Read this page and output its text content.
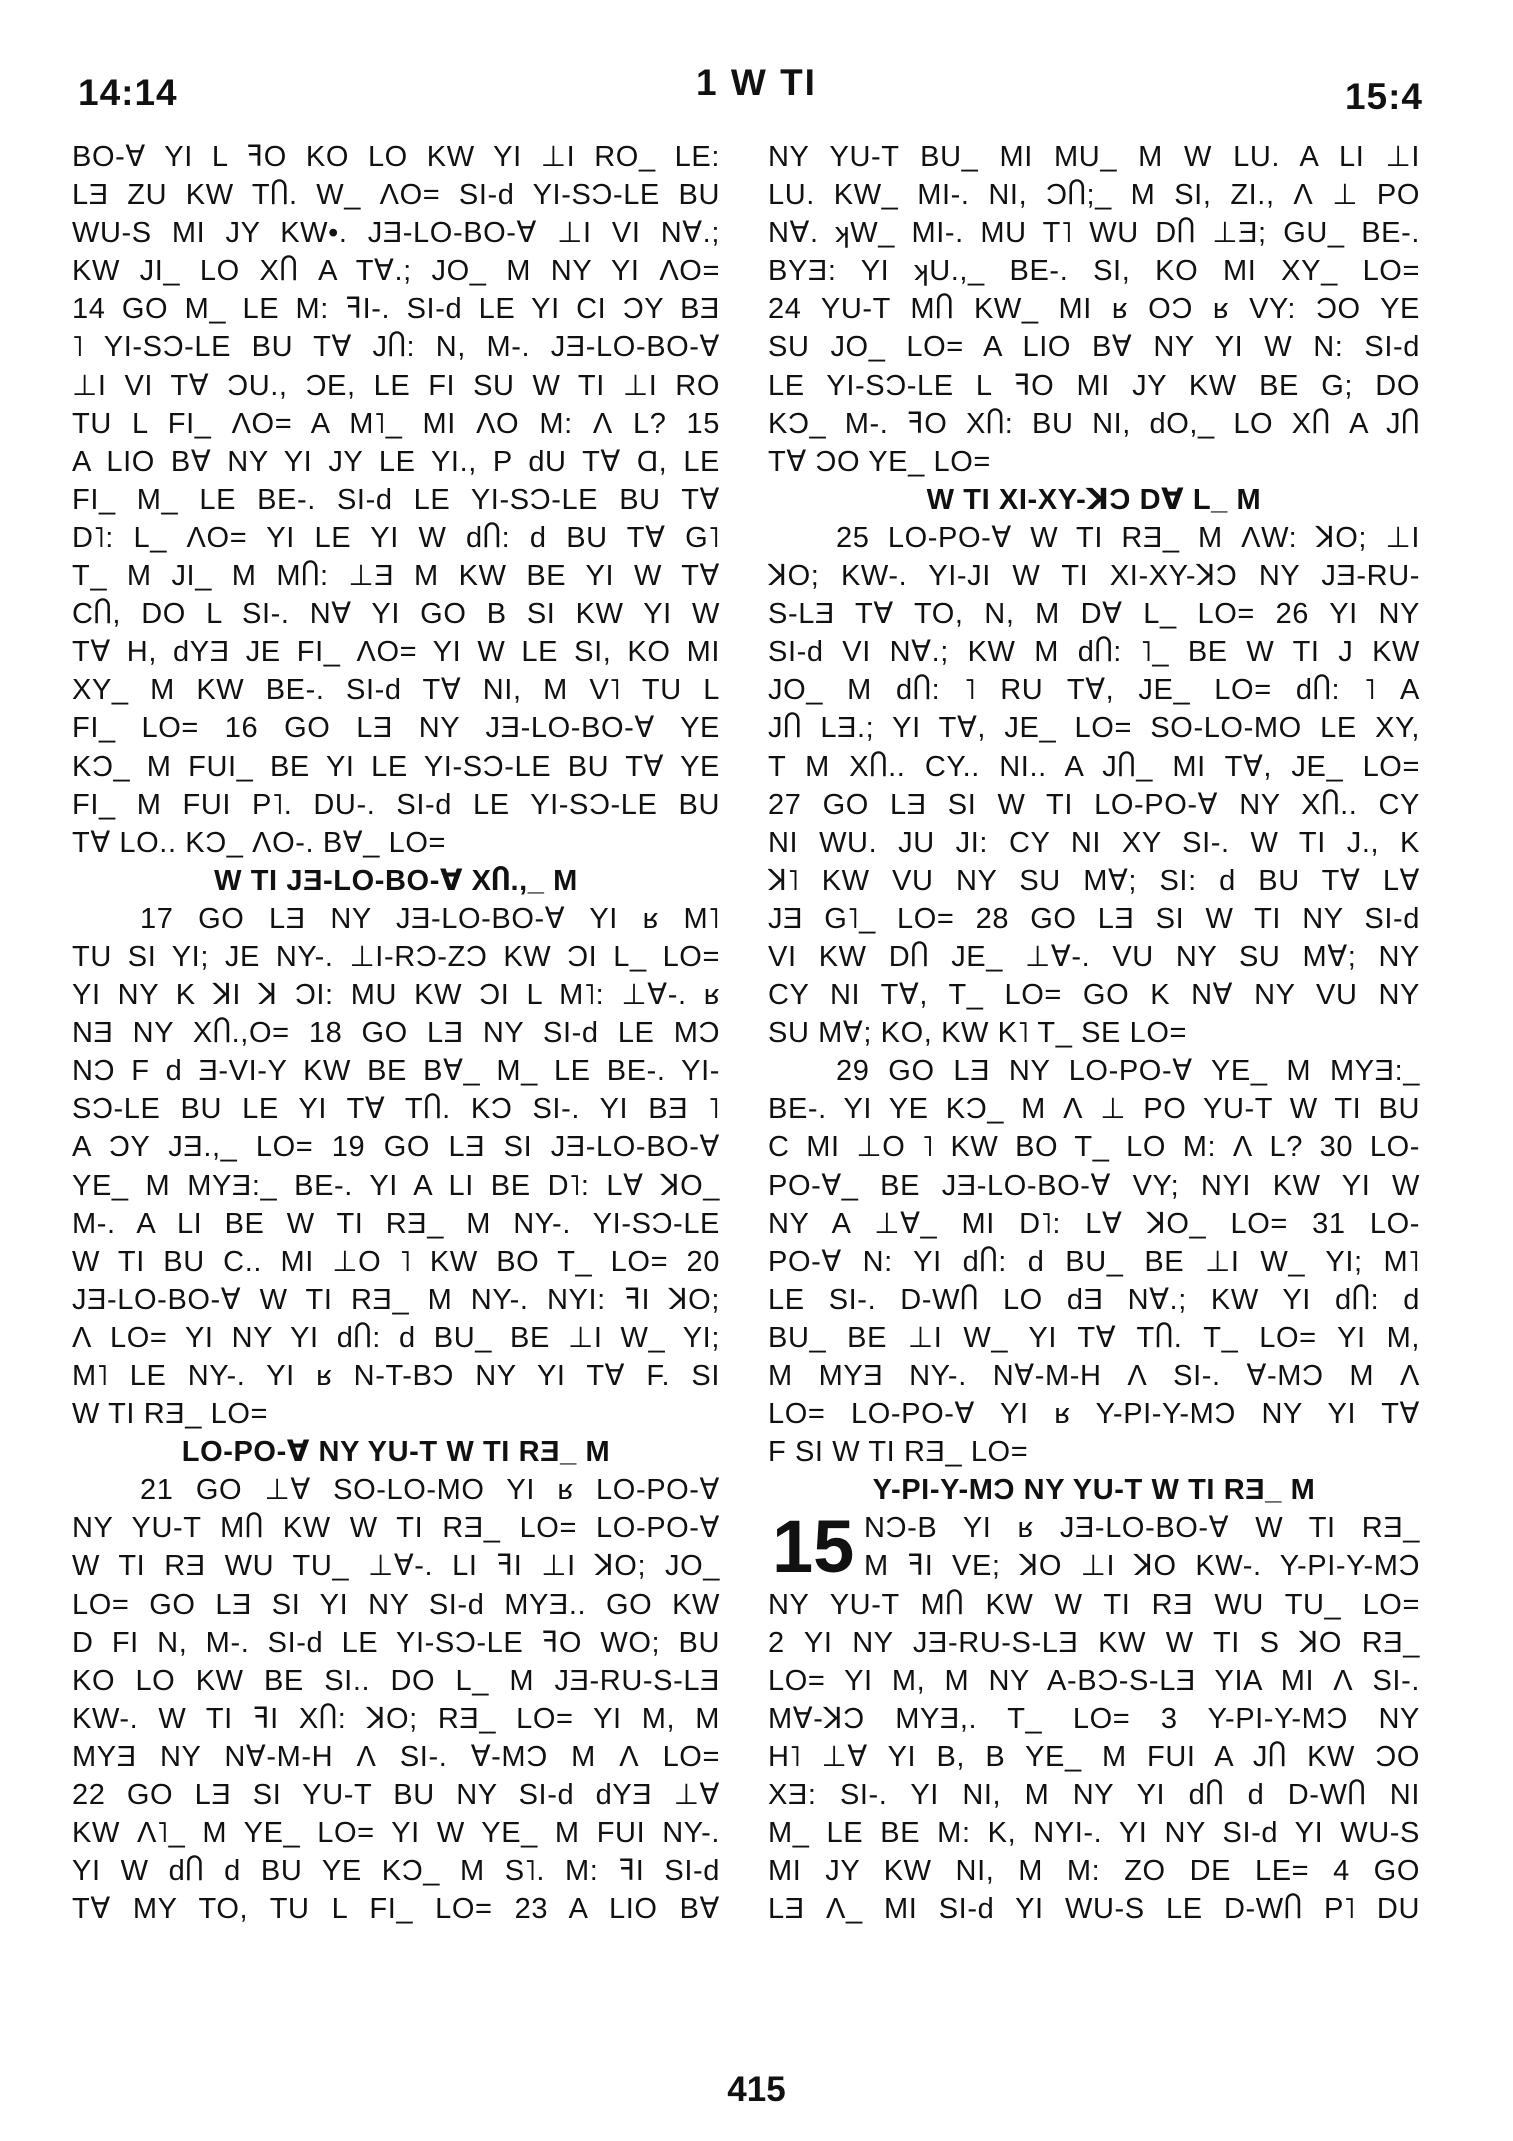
14:14	1 W TI	15:4
BO-Ɐ YI L ꟻO KO LO KW YI ⊥I RO_ LE:
LƎ ZU KW TႶ. W_ ɅO= SI-d YI-SƆ-LE BU
WU-S MI JY KW•. JƎ-LO-BO-Ɐ ⊥I VI NⱯ.;
KW JI_ LO XႶ A TⱯ.; JO_ M NY YI ɅO=
14 GO M_ LE M: ꟻI-. SI-d LE YI CI ƆY BƎ
˥ YI-SƆ-LE BU TⱯ JႶ: N, M-. JƎ-LO-BO-Ɐ
⊥I VI TⱯ ƆU., ƆE, LE FI SU W TI ⊥I RO
TU L FI_ ɅO= A M˥_ MI ɅO M: Ʌ L? 15
A LIO BⱯ NY YI JY LE YI., P dU TⱯ Ɑ, LE
FI_ M_ LE BE-. SI-d LE YI-SƆ-LE BU TⱯ
D˥: L_ ɅO= YI LE YI W dႶ: d BU TⱯ G˥
T_ M JI_ M MႶ: ⊥Ǝ M KW BE YI W TⱯ
CႶ, DO L SI-. NⱯ YI GO B SI KW YI W
TⱯ H, dYƎ JE FI_ ɅO= YI W LE SI, KO MI
XY_ M KW BE-. SI-d TⱯ NI, M V˥ TU L
FI_ LO= 16 GO LƎ NY JƎ-LO-BO-Ɐ YE
KƆ_ M FUI_ BE YI LE YI-SƆ-LE BU TⱯ YE
FI_ M FUI P˥. DU-. SI-d LE YI-SƆ-LE BU
TⱯ LO.. KƆ_ ɅO-. BⱯ_ LO=
W TI JƎ-LO-BO-Ɐ XႶ.,_ M
17 GO LƎ NY JƎ-LO-BO-Ɐ YI ʁ M˥
TU SI YI; JE NY-. ⊥I-RƆ-ZƆ KW ƆI L_ LO=
YI NY K ꓘI ꓘ ƆI: MU KW ƆI L M˥: ⊥Ɐ-. ʁ
NƎ NY XႶ.,O= 18 GO LƎ NY SI-d LE MƆ
NƆ F d Ǝ-VI-Y KW BE BⱯ_ M_ LE BE-. YI-
SƆ-LE BU LE YI TⱯ TႶ. KƆ SI-. YI BƎ ˥
A ƆY JƎ.,_ LO= 19 GO LƎ SI JƎ-LO-BO-Ɐ
YE_ M MYƎ:_ BE-. YI A LI BE D˥: LⱯ ꓘO_
M-. A LI BE W TI RƎ_ M NY-. YI-SƆ-LE
W TI BU C.. MI ⊥O ˥ KW BO T_ LO= 20
JƎ-LO-BO-Ɐ W TI RƎ_ M NY-. NYI: ꟻI ꓘO;
Ʌ LO= YI NY YI dႶ: d BU_ BE ⊥I W_ YI;
M˥ LE NY-. YI ʁ N-T-BƆ NY YI TⱯ F. SI
W TI RƎ_ LO=
LO-PO-Ɐ NY YU-T W TI RƎ_ M
21 GO ⊥Ɐ SO-LO-MO YI ʁ LO-PO-Ɐ
NY YU-T MႶ KW W TI RƎ_ LO= LO-PO-Ɐ
W TI RƎ WU TU_ ⊥Ɐ-. LI ꟻI ⊥I ꓘO; JO_
LO= GO LƎ SI YI NY SI-d MYƎ.. GO KW
D FI N, M-. SI-d LE YI-SƆ-LE ꟻO WO; BU
KO LO KW BE SI.. DO L_ M JƎ-RU-S-LƎ
KW-. W TI ꟻI XႶ: ꓘO; RƎ_ LO= YI M, M
MYƎ NY NⱯ-M-H Ʌ SI-. Ɐ-MƆ M Ʌ LO=
22 GO LƎ SI YU-T BU NY SI-d dYƎ ⊥Ɐ
KW Ʌ˥_ M YE_ LO= YI W YE_ M FUI NY-.
YI W dႶ d BU YE KƆ_ M S˥. M: ꟻI SI-d
TⱯ MY TO, TU L FI_ LO= 23 A LIO BⱯ
NY YU-T BU_ MI MU_ M W LU. A LI ⊥I
LU. KW_ MI-. NI, ƆႶ;_ M SI, ZI., Ʌ ⊥ PO
NⱯ. ʞW_ MI-. MU T˥ WU DႶ ⊥Ǝ; GU_ BE-.
BYƎ: YI ʞU.,_ BE-. SI, KO MI XY_ LO=
24 YU-T MႶ KW_ MI ʁ OƆ ʁ VY: ƆO YE
SU JO_ LO= A LIO BⱯ NY YI W N: SI-d
LE YI-SƆ-LE L ꟻO MI JY KW BE G; DO
KƆ_ M-. ꟻO XႶ: BU NI, dO,_ LO XႶ A JႶ
TⱯ ƆO YE_ LO=
W TI XI-XY-ꓘƆ DⱯ L_ M
25 LO-PO-Ɐ W TI RƎ_ M ɅW: ꓘO; ⊥I
ꓘO; KW-. YI-JI W TI XI-XY-ꓘƆ NY JƎ-RU-
S-LƎ TⱯ TO, N, M DⱯ L_ LO= 26 YI NY
SI-d VI NⱯ.; KW M dႶ: ˥_ BE W TI J KW
JO_ M dႶ: ˥ RU TⱯ, JE_ LO= dႶ: ˥ A
JႶ LƎ.; YI TⱯ, JE_ LO= SO-LO-MO LE XY,
T M XႶ.. CY.. NI.. A JႶ_ MI TⱯ, JE_ LO=
27 GO LƎ SI W TI LO-PO-Ɐ NY XႶ.. CY
NI WU. JU JI: CY NI XY SI-. W TI J., K
ꓘ˥ KW VU NY SU MⱯ; SI: d BU TⱯ LⱯ
JƎ G˥_ LO= 28 GO LƎ SI W TI NY SI-d
VI KW DႶ JE_ ⊥Ɐ-. VU NY SU MⱯ; NY
CY NI TⱯ, T_ LO= GO K NⱯ NY VU NY
SU MⱯ; KO, KW K˥ T_ SE LO=
29 GO LƎ NY LO-PO-Ɐ YE_ M MYƎ:_
BE-. YI YE KƆ_ M Ʌ ⊥ PO YU-T W TI BU
C MI ⊥O ˥ KW BO T_ LO M: Ʌ L? 30 LO-
PO-Ɐ_ BE JƎ-LO-BO-Ɐ VY; NYI KW YI W
NY A ⊥Ɐ_ MI D˥: LⱯ ꓘO_ LO= 31 LO-
PO-Ɐ N: YI dႶ: d BU_ BE ⊥I W_ YI; M˥
LE SI-. D-WႶ LO dƎ NⱯ.; KW YI dႶ: d
BU_ BE ⊥I W_ YI TⱯ TႶ. T_ LO= YI M,
M MYƎ NY-. NⱯ-M-H Ʌ SI-. Ɐ-MƆ M Ʌ
LO= LO-PO-Ɐ YI ʁ Y-PI-Y-MƆ NY YI TⱯ
F SI W TI RƎ_ LO=
Y-PI-Y-MƆ NY YU-T W TI RƎ_ M
15 NƆ-B YI ʁ JƎ-LO-BO-Ɐ W TI RƎ_
M ꟻI VE; ꓘO ⊥I ꓘO KW-. Y-PI-Y-MƆ
NY YU-T MႶ KW W TI RƎ WU TU_ LO=
2 YI NY JƎ-RU-S-LƎ KW W TI S ꓘO RƎ_
LO= YI M, M NY A-BƆ-S-LƎ YIA MI Ʌ SI-.
MⱯ-ꓘƆ MYƎ,. T_ LO= 3 Y-PI-Y-MƆ NY
H˥ ⊥Ɐ YI B, B YE_ M FUI A JႶ KW ƆO
XƎ: SI-. YI NI, M NY YI dႶ d D-WႶ NI
M_ LE BE M: K, NYI-. YI NY SI-d YI WU-S
MI JY KW NI, M M: ZO DE LE= 4 GO
LƎ Ʌ_ MI SI-d YI WU-S LE D-WႶ P˥ DU
415
